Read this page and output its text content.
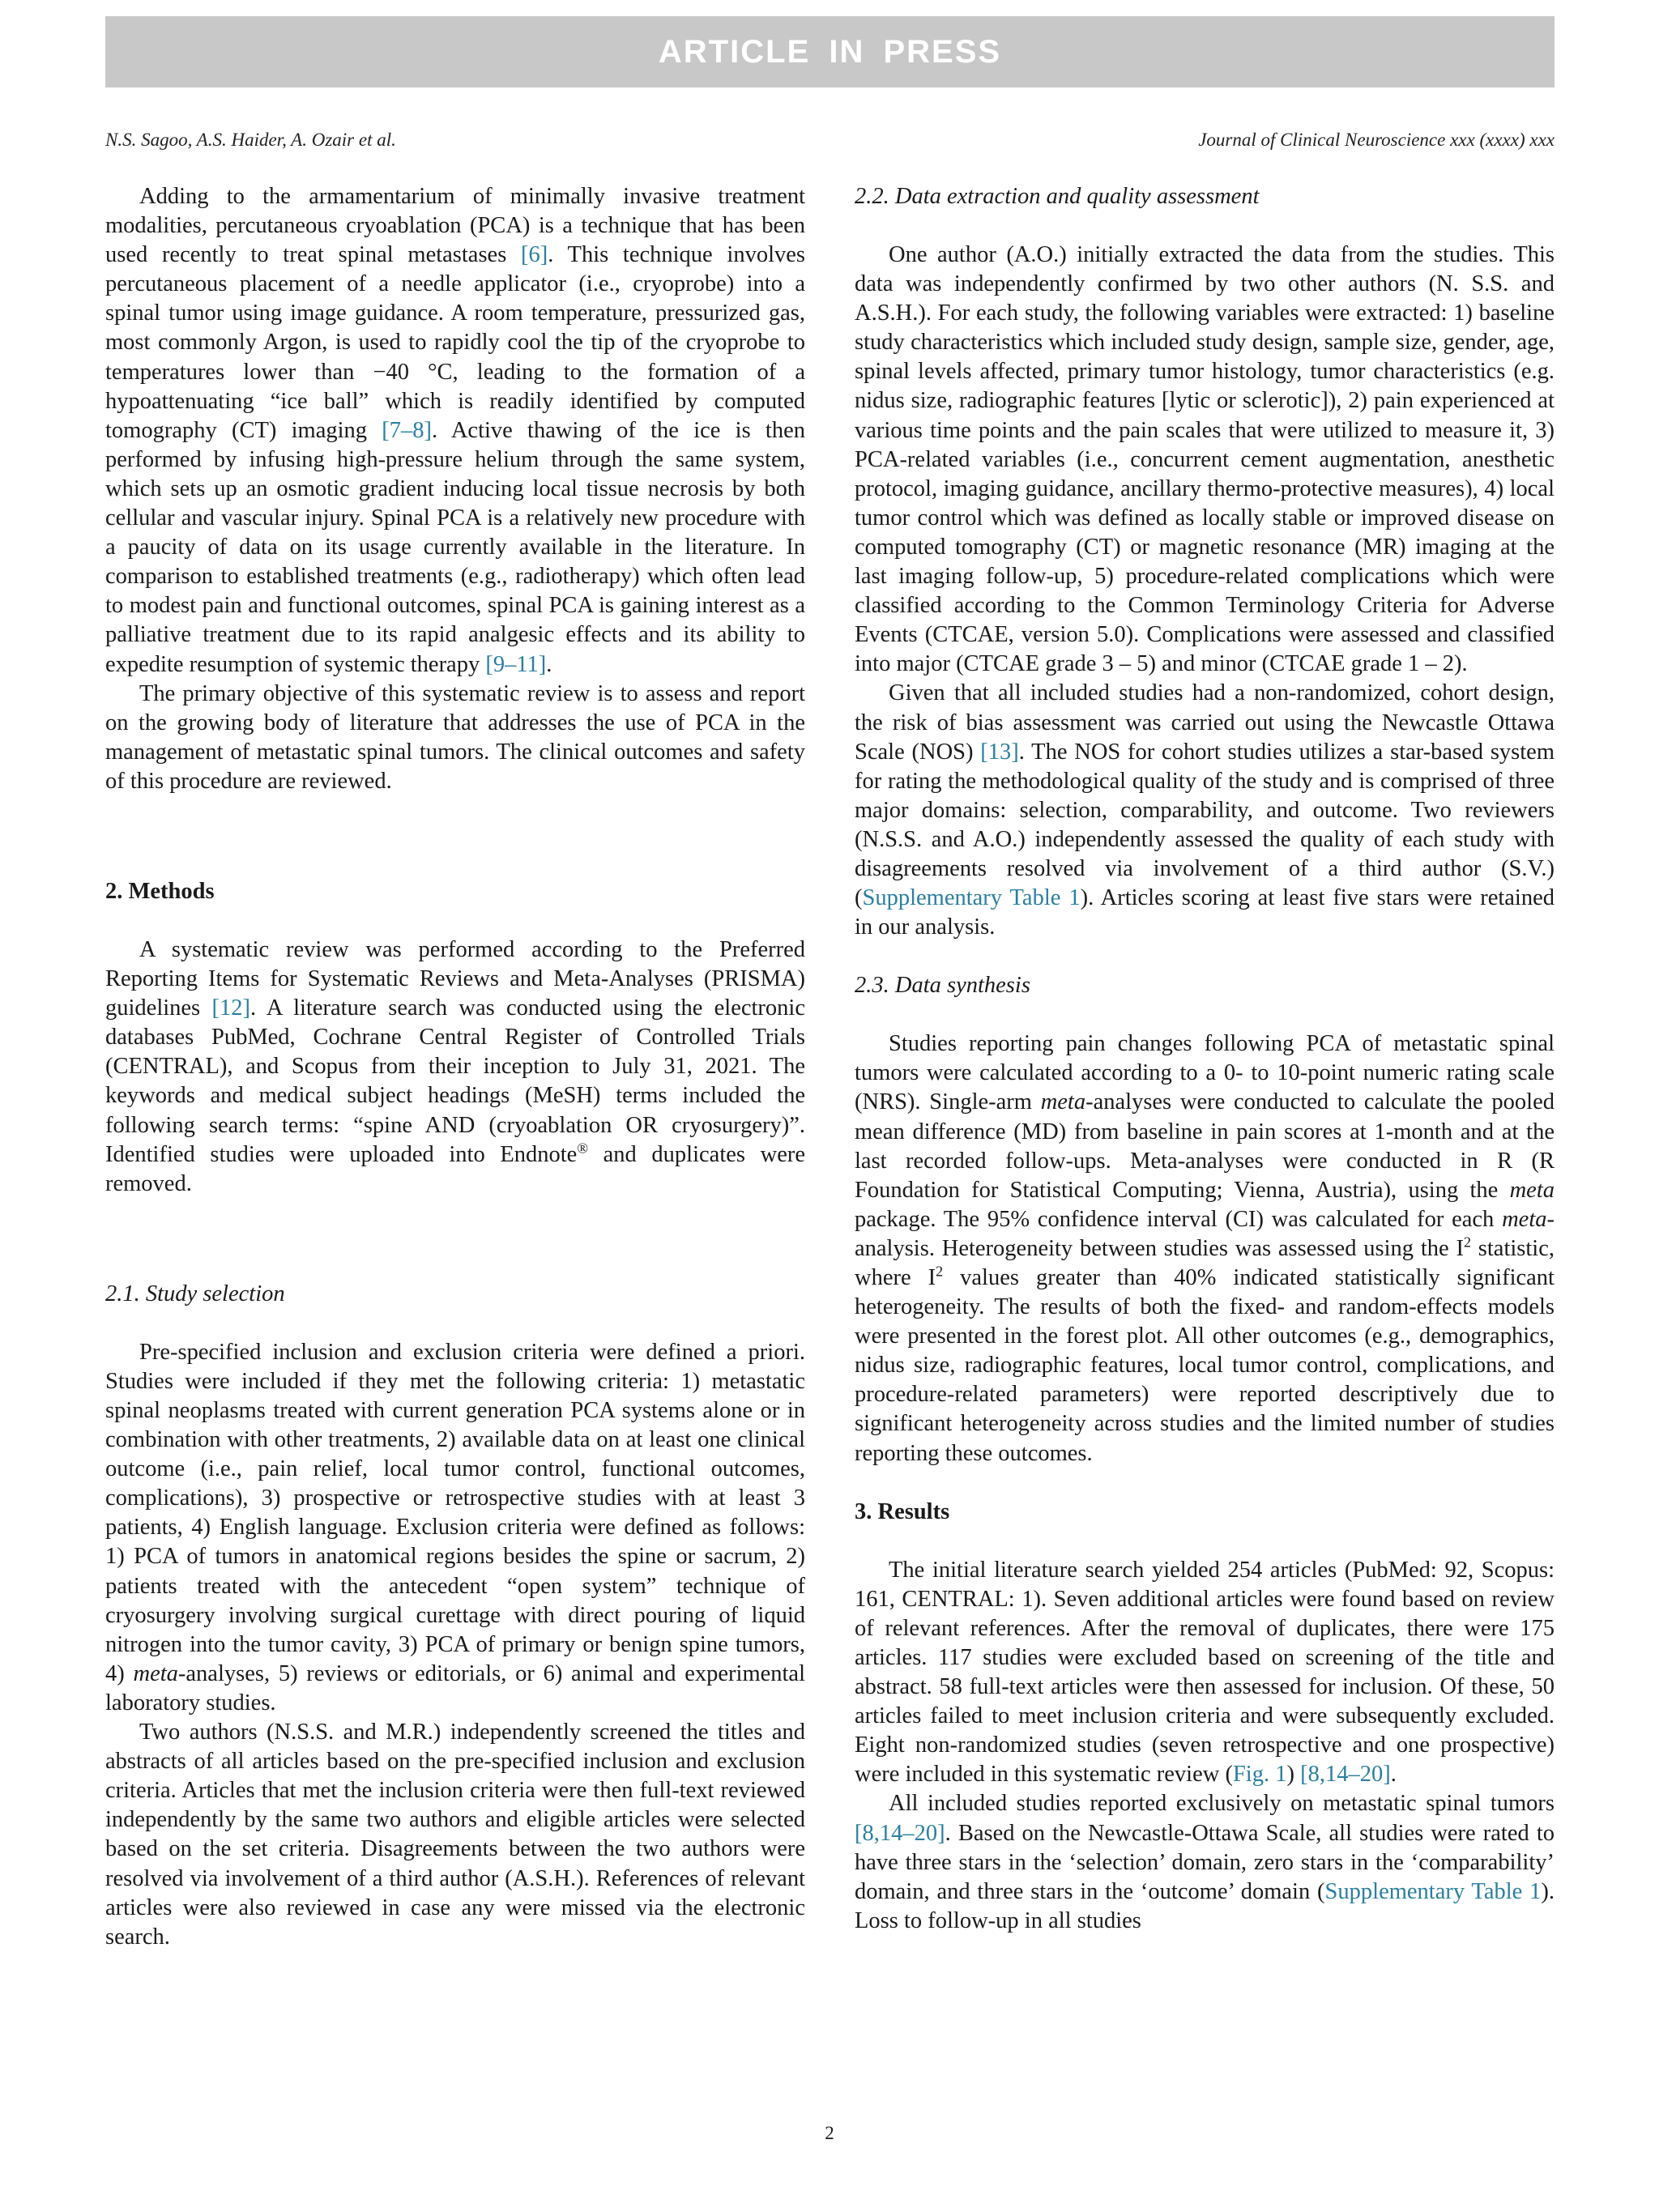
ARTICLE IN PRESS
N.S. Sagoo, A.S. Haider, A. Ozair et al.	Journal of Clinical Neuroscience xxx (xxxx) xxx

Adding to the armamentarium of minimally invasive treatment modalities, percutaneous cryoablation (PCA) is a technique that has been used recently to treat spinal metastases [6]. This technique involves percutaneous placement of a needle applicator (i.e., cryoprobe) into a spinal tumor using image guidance. A room temperature, pressurized gas, most commonly Argon, is used to rapidly cool the tip of the cryoprobe to temperatures lower than −40 °C, leading to the formation of a hypoattenuating “ice ball” which is readily identified by computed tomography (CT) imaging [7–8]. Active thawing of the ice is then performed by infusing high-pressure helium through the same system, which sets up an osmotic gradient inducing local tissue necrosis by both cellular and vascular injury. Spinal PCA is a relatively new procedure with a paucity of data on its usage currently available in the literature. In comparison to established treatments (e.g., radiotherapy) which often lead to modest pain and functional outcomes, spinal PCA is gaining interest as a palliative treatment due to its rapid analgesic effects and its ability to expedite resumption of systemic therapy [9–11].

The primary objective of this systematic review is to assess and report on the growing body of literature that addresses the use of PCA in the management of metastatic spinal tumors. The clinical outcomes and safety of this procedure are reviewed.

2. Methods

A systematic review was performed according to the Preferred Reporting Items for Systematic Reviews and Meta-Analyses (PRISMA) guidelines [12]. A literature search was conducted using the electronic databases PubMed, Cochrane Central Register of Controlled Trials (CENTRAL), and Scopus from their inception to July 31, 2021. The keywords and medical subject headings (MeSH) terms included the following search terms: “spine AND (cryoablation OR cryosurgery)”. Identified studies were uploaded into Endnote® and duplicates were removed.

2.1. Study selection

Pre-specified inclusion and exclusion criteria were defined a priori. Studies were included if they met the following criteria: 1) metastatic spinal neoplasms treated with current generation PCA systems alone or in combination with other treatments, 2) available data on at least one clinical outcome (i.e., pain relief, local tumor control, functional outcomes, complications), 3) prospective or retrospective studies with at least 3 patients, 4) English language. Exclusion criteria were defined as follows: 1) PCA of tumors in anatomical regions besides the spine or sacrum, 2) patients treated with the antecedent “open system” technique of cryosurgery involving surgical curettage with direct pouring of liquid nitrogen into the tumor cavity, 3) PCA of primary or benign spine tumors, 4) meta-analyses, 5) reviews or editorials, or 6) animal and experimental laboratory studies.

Two authors (N.S.S. and M.R.) independently screened the titles and abstracts of all articles based on the pre-specified inclusion and exclusion criteria. Articles that met the inclusion criteria were then full-text reviewed independently by the same two authors and eligible articles were selected based on the set criteria. Disagreements between the two authors were resolved via involvement of a third author (A.S.H.). References of relevant articles were also reviewed in case any were missed via the electronic search.

2.2. Data extraction and quality assessment

One author (A.O.) initially extracted the data from the studies. This data was independently confirmed by two other authors (N. S.S. and A.S.H.). For each study, the following variables were extracted: 1) baseline study characteristics which included study design, sample size, gender, age, spinal levels affected, primary tumor histology, tumor characteristics (e.g. nidus size, radiographic features [lytic or sclerotic]), 2) pain experienced at various time points and the pain scales that were utilized to measure it, 3) PCA-related variables (i.e., concurrent cement augmentation, anesthetic protocol, imaging guidance, ancillary thermo-protective measures), 4) local tumor control which was defined as locally stable or improved disease on computed tomography (CT) or magnetic resonance (MR) imaging at the last imaging follow-up, 5) procedure-related complications which were classified according to the Common Terminology Criteria for Adverse Events (CTCAE, version 5.0). Complications were assessed and classified into major (CTCAE grade 3 – 5) and minor (CTCAE grade 1 – 2).

Given that all included studies had a non-randomized, cohort design, the risk of bias assessment was carried out using the Newcastle Ottawa Scale (NOS) [13]. The NOS for cohort studies utilizes a star-based system for rating the methodological quality of the study and is comprised of three major domains: selection, comparability, and outcome. Two reviewers (N.S.S. and A.O.) independently assessed the quality of each study with disagreements resolved via involvement of a third author (S.V.) (Supplementary Table 1). Articles scoring at least five stars were retained in our analysis.

2.3. Data synthesis

Studies reporting pain changes following PCA of metastatic spinal tumors were calculated according to a 0- to 10-point numeric rating scale (NRS). Single-arm meta-analyses were conducted to calculate the pooled mean difference (MD) from baseline in pain scores at 1-month and at the last recorded follow-ups. Meta-analyses were conducted in R (R Foundation for Statistical Computing; Vienna, Austria), using the meta package. The 95% confidence interval (CI) was calculated for each meta-analysis. Heterogeneity between studies was assessed using the $I^2$ statistic, where $I^2$ values greater than 40% indicated statistically significant heterogeneity. The results of both the fixed- and random-effects models were presented in the forest plot. All other outcomes (e.g., demographics, nidus size, radiographic features, local tumor control, complications, and procedure-related parameters) were reported descriptively due to significant heterogeneity across studies and the limited number of studies reporting these outcomes.

3. Results

The initial literature search yielded 254 articles (PubMed: 92, Scopus: 161, CENTRAL: 1). Seven additional articles were found based on review of relevant references. After the removal of duplicates, there were 175 articles. 117 studies were excluded based on screening of the title and abstract. 58 full-text articles were then assessed for inclusion. Of these, 50 articles failed to meet inclusion criteria and were subsequently excluded. Eight non-randomized studies (seven retrospective and one prospective) were included in this systematic review (Fig. 1) [8,14–20].

All included studies reported exclusively on metastatic spinal tumors [8,14–20]. Based on the Newcastle-Ottawa Scale, all studies were rated to have three stars in the ‘selection’ domain, zero stars in the ‘comparability’ domain, and three stars in the ‘outcome’ domain (Supplementary Table 1). Loss to follow-up in all studies

2
